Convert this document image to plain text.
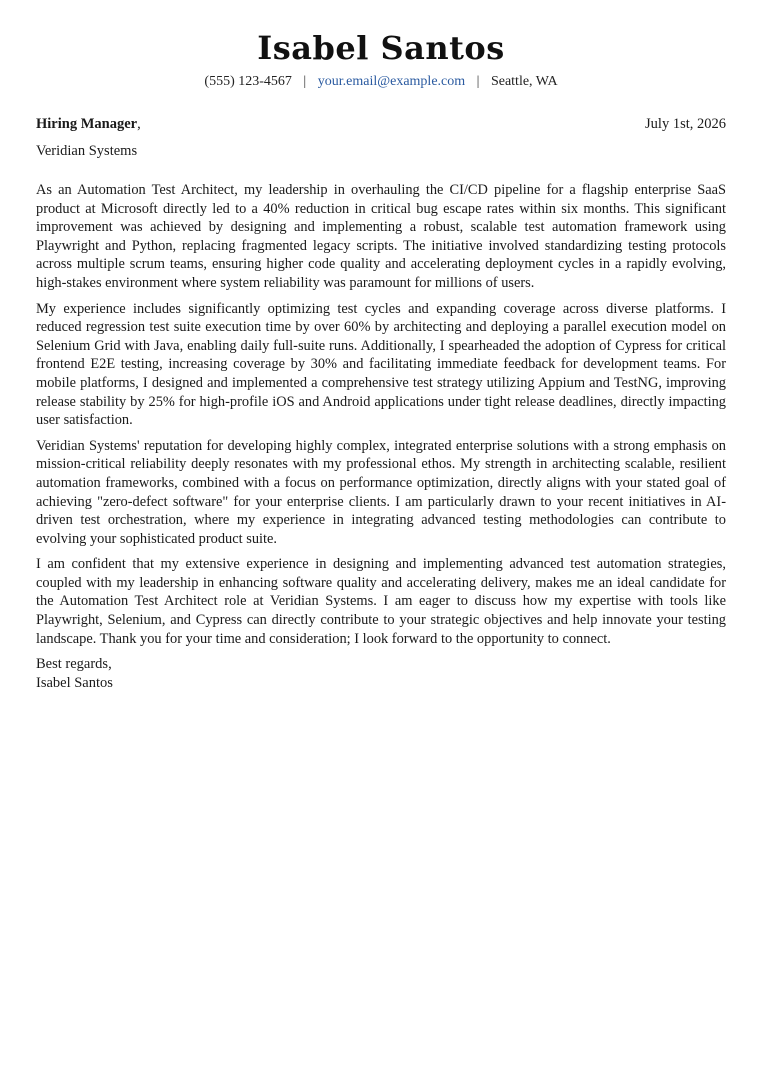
Isabel Santos
(555) 123-4567 | your.email@example.com | Seattle, WA
Hiring Manager,	July 1st, 2026
Veridian Systems

As an Automation Test Architect, my leadership in overhauling the CI/CD pipeline for a flagship enterprise SaaS product at Microsoft directly led to a 40% reduction in critical bug escape rates within six months. This significant improvement was achieved by designing and implementing a robust, scalable test automation framework using Playwright and Python, replacing fragmented legacy scripts. The initiative involved standardizing testing protocols across multiple scrum teams, ensuring higher code quality and accelerating deployment cycles in a rapidly evolving, high-stakes environment where system reliability was paramount for millions of users.

My experience includes significantly optimizing test cycles and expanding coverage across diverse platforms. I reduced regression test suite execution time by over 60% by architecting and deploying a parallel execution model on Selenium Grid with Java, enabling daily full-suite runs. Additionally, I spearheaded the adoption of Cypress for critical frontend E2E testing, increasing coverage by 30% and facilitating immediate feedback for development teams. For mobile platforms, I designed and implemented a comprehensive test strategy utilizing Appium and TestNG, improving release stability by 25% for high-profile iOS and Android applications under tight release deadlines, directly impacting user satisfaction.

Veridian Systems' reputation for developing highly complex, integrated enterprise solutions with a strong emphasis on mission-critical reliability deeply resonates with my professional ethos. My strength in architecting scalable, resilient automation frameworks, combined with a focus on performance optimization, directly aligns with your stated goal of achieving "zero-defect software" for your enterprise clients. I am particularly drawn to your recent initiatives in AI-driven test orchestration, where my experience in integrating advanced testing methodologies can contribute to evolving your sophisticated product suite.

I am confident that my extensive experience in designing and implementing advanced test automation strategies, coupled with my leadership in enhancing software quality and accelerating delivery, makes me an ideal candidate for the Automation Test Architect role at Veridian Systems. I am eager to discuss how my expertise with tools like Playwright, Selenium, and Cypress can directly contribute to your strategic objectives and help innovate your testing landscape. Thank you for your time and consideration; I look forward to the opportunity to connect.

Best regards,
Isabel Santos
